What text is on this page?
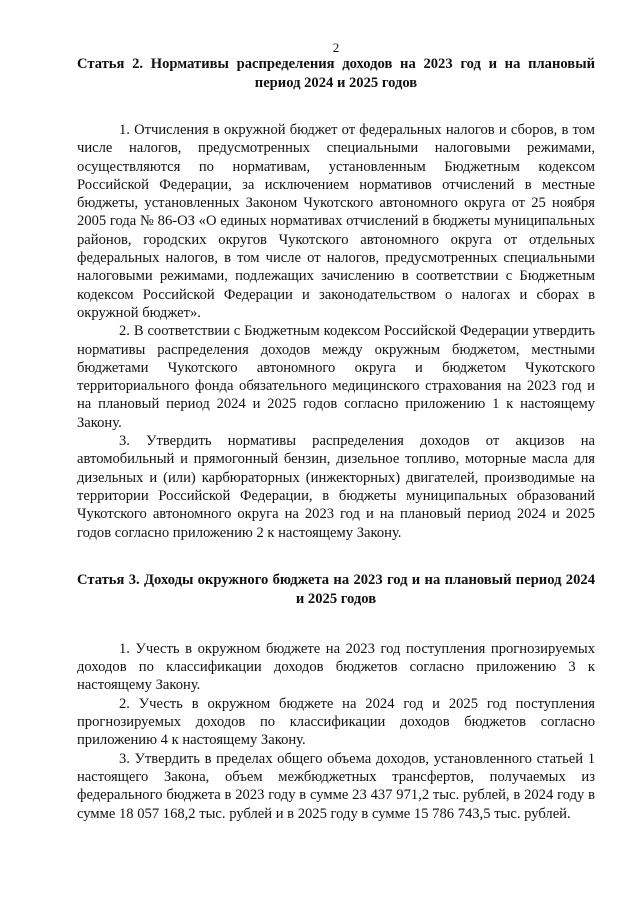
2
Статья 2. Нормативы распределения доходов на 2023 год и на плановый период 2024 и 2025 годов

1. Отчисления в окружной бюджет от федеральных налогов и сборов, в том числе налогов, предусмотренных специальными налоговыми режимами, осуществляются по нормативам, установленным Бюджетным кодексом Российской Федерации, за исключением нормативов отчислений в местные бюджеты, установленных Законом Чукотского автономного округа от 25 ноября 2005 года № 86-ОЗ «О единых нормативах отчислений в бюджеты муниципальных районов, городских округов Чукотского автономного округа от отдельных федеральных налогов, в том числе от налогов, предусмотренных специальными налоговыми режимами, подлежащих зачислению в соответствии с Бюджетным кодексом Российской Федерации и законодательством о налогах и сборах в окружной бюджет».

2. В соответствии с Бюджетным кодексом Российской Федерации утвердить нормативы распределения доходов между окружным бюджетом, местными бюджетами Чукотского автономного округа и бюджетом Чукотского территориального фонда обязательного медицинского страхования на 2023 год и на плановый период 2024 и 2025 годов согласно приложению 1 к настоящему Закону.

3. Утвердить нормативы распределения доходов от акцизов на автомобильный и прямогонный бензин, дизельное топливо, моторные масла для дизельных и (или) карбюраторных (инжекторных) двигателей, производимые на территории Российской Федерации, в бюджеты муниципальных образований Чукотского автономного округа на 2023 год и на плановый период 2024 и 2025 годов согласно приложению 2 к настоящему Закону.

Статья 3. Доходы окружного бюджета на 2023 год и на плановый период 2024 и 2025 годов

1. Учесть в окружном бюджете на 2023 год поступления прогнозируемых доходов по классификации доходов бюджетов согласно приложению 3 к настоящему Закону.

2. Учесть в окружном бюджете на 2024 год и 2025 год поступления прогнозируемых доходов по классификации доходов бюджетов согласно приложению 4 к настоящему Закону.

3. Утвердить в пределах общего объема доходов, установленного статьей 1 настоящего Закона, объем межбюджетных трансфертов, получаемых из федерального бюджета в 2023 году в сумме 23 437 971,2 тыс. рублей, в 2024 году в сумме 18 057 168,2 тыс. рублей и в 2025 году в сумме 15 786 743,5 тыс. рублей.
